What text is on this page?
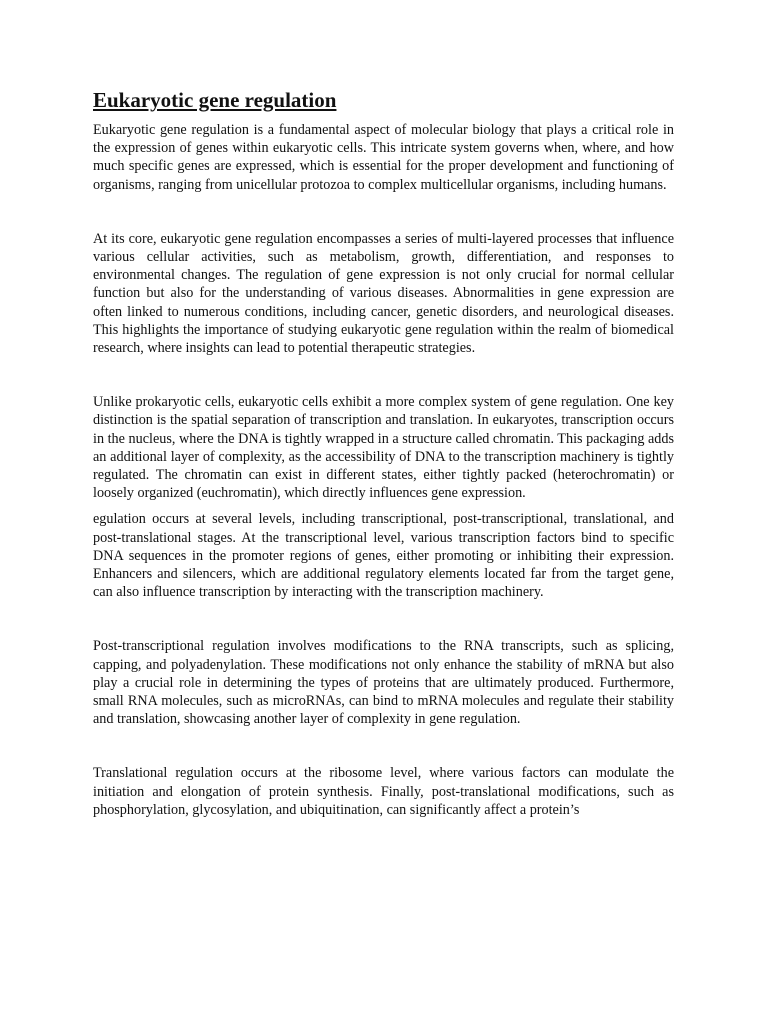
Eukaryotic gene regulation

Eukaryotic gene regulation is a fundamental aspect of molecular biology that plays a critical role in the expression of genes within eukaryotic cells. This intricate system governs when, where, and how much specific genes are expressed, which is essential for the proper development and functioning of organisms, ranging from unicellular protozoa to complex multicellular organisms, including humans.

At its core, eukaryotic gene regulation encompasses a series of multi-layered processes that influence various cellular activities, such as metabolism, growth, differentiation, and responses to environmental changes. The regulation of gene expression is not only crucial for normal cellular function but also for the understanding of various diseases. Abnormalities in gene expression are often linked to numerous conditions, including cancer, genetic disorders, and neurological diseases. This highlights the importance of studying eukaryotic gene regulation within the realm of biomedical research, where insights can lead to potential therapeutic strategies.

Unlike prokaryotic cells, eukaryotic cells exhibit a more complex system of gene regulation. One key distinction is the spatial separation of transcription and translation. In eukaryotes, transcription occurs in the nucleus, where the DNA is tightly wrapped in a structure called chromatin. This packaging adds an additional layer of complexity, as the accessibility of DNA to the transcription machinery is tightly regulated. The chromatin can exist in different states, either tightly packed (heterochromatin) or loosely organized (euchromatin), which directly influences gene expression.

egulation occurs at several levels, including transcriptional, post-transcriptional, translational, and post-translational stages. At the transcriptional level, various transcription factors bind to specific DNA sequences in the promoter regions of genes, either promoting or inhibiting their expression. Enhancers and silencers, which are additional regulatory elements located far from the target gene, can also influence transcription by interacting with the transcription machinery.

Post-transcriptional regulation involves modifications to the RNA transcripts, such as splicing, capping, and polyadenylation. These modifications not only enhance the stability of mRNA but also play a crucial role in determining the types of proteins that are ultimately produced. Furthermore, small RNA molecules, such as microRNAs, can bind to mRNA molecules and regulate their stability and translation, showcasing another layer of complexity in gene regulation.

Translational regulation occurs at the ribosome level, where various factors can modulate the initiation and elongation of protein synthesis. Finally, post-translational modifications, such as phosphorylation, glycosylation, and ubiquitination, can significantly affect a protein’s
